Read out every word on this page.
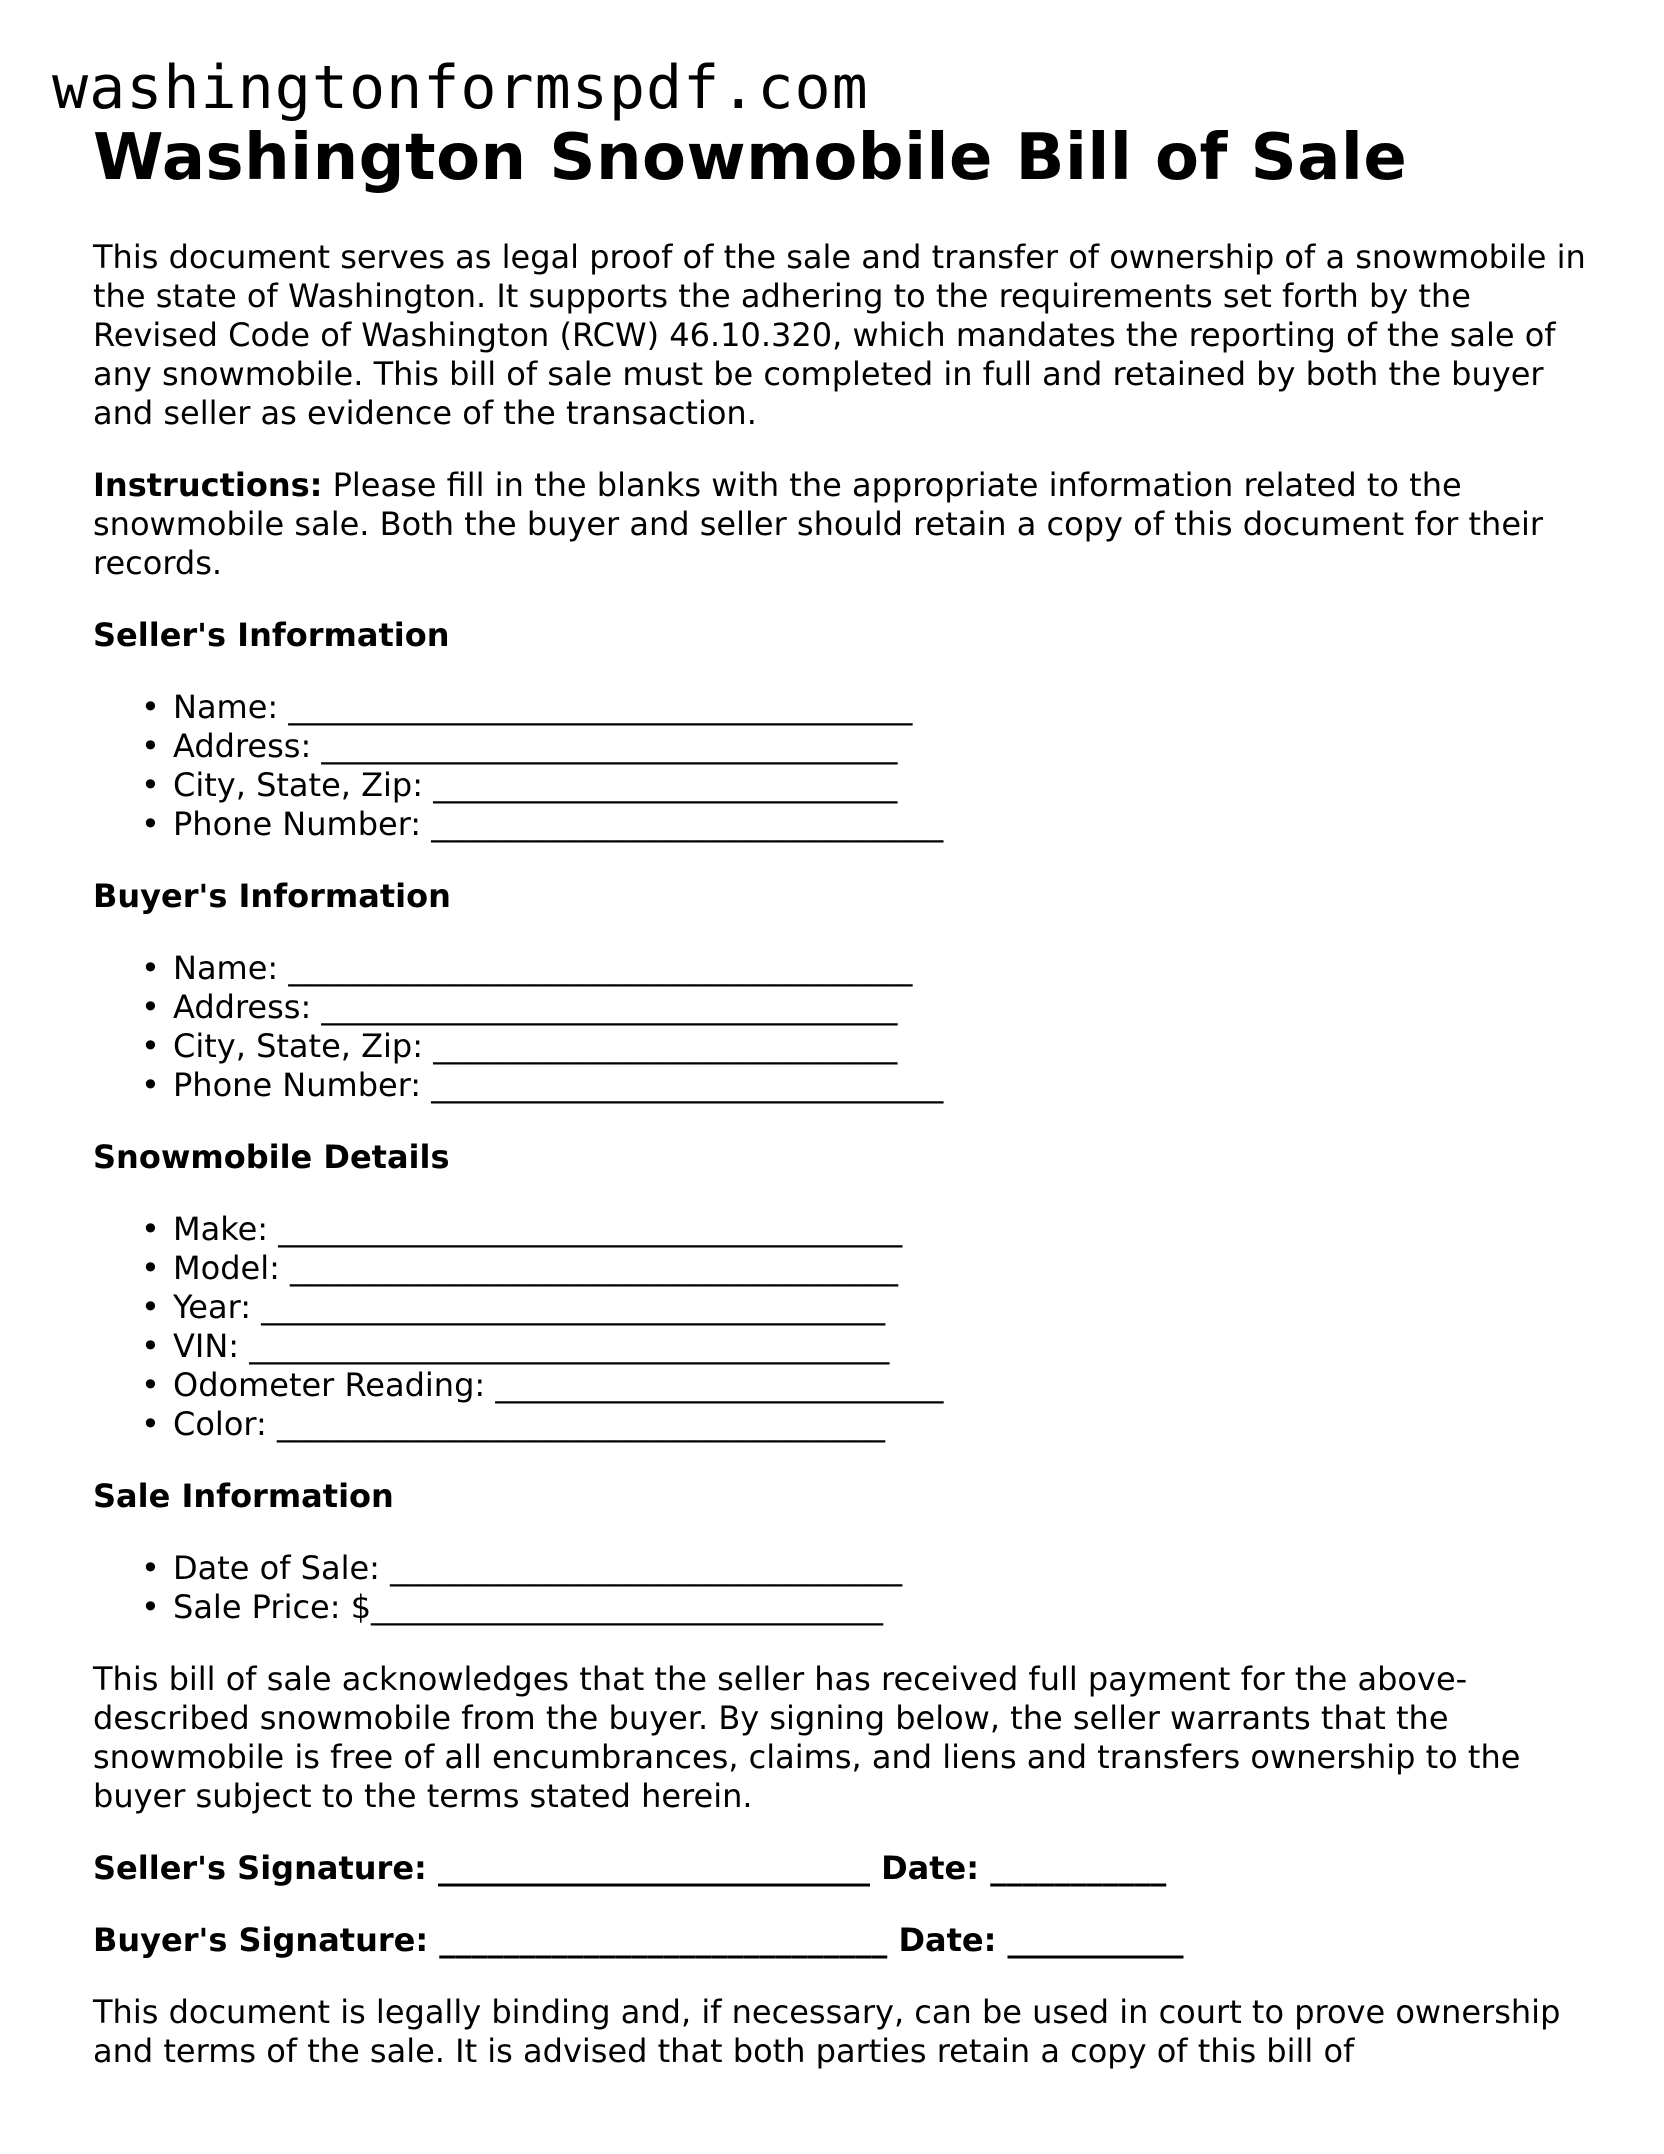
washingtonformspdf.com
Washington Snowmobile Bill of Sale

This document serves as legal proof of the sale and transfer of ownership of a snowmobile in the state of Washington. It supports the adhering to the requirements set forth by the Revised Code of Washington (RCW) 46.10.320, which mandates the reporting of the sale of any snowmobile. This bill of sale must be completed in full and retained by both the buyer and seller as evidence of the transaction.

Instructions: Please fill in the blanks with the appropriate information related to the snowmobile sale. Both the buyer and seller should retain a copy of this document for their records.

Seller's Information
• Name: _______________________________________
• Address: ____________________________________
• City, State, Zip: _____________________________
• Phone Number: ________________________________
Buyer's Information
• Name: _______________________________________
• Address: ____________________________________
• City, State, Zip: _____________________________
• Phone Number: ________________________________
Snowmobile Details
• Make: _______________________________________
• Model: ______________________________________
• Year: _______________________________________
• VIN: ________________________________________
• Odometer Reading: ____________________________
• Color: ______________________________________
Sale Information
• Date of Sale: ________________________________
• Sale Price: $________________________________

This bill of sale acknowledges that the seller has received full payment for the above-described snowmobile from the buyer. By signing below, the seller warrants that the snowmobile is free of all encumbrances, claims, and liens and transfers ownership to the buyer subject to the terms stated herein.

Seller's Signature: ___________________________ Date: ___________

Buyer's Signature: ____________________________ Date: ___________

This document is legally binding and, if necessary, can be used in court to prove ownership and terms of the sale. It is advised that both parties retain a copy of this bill of
